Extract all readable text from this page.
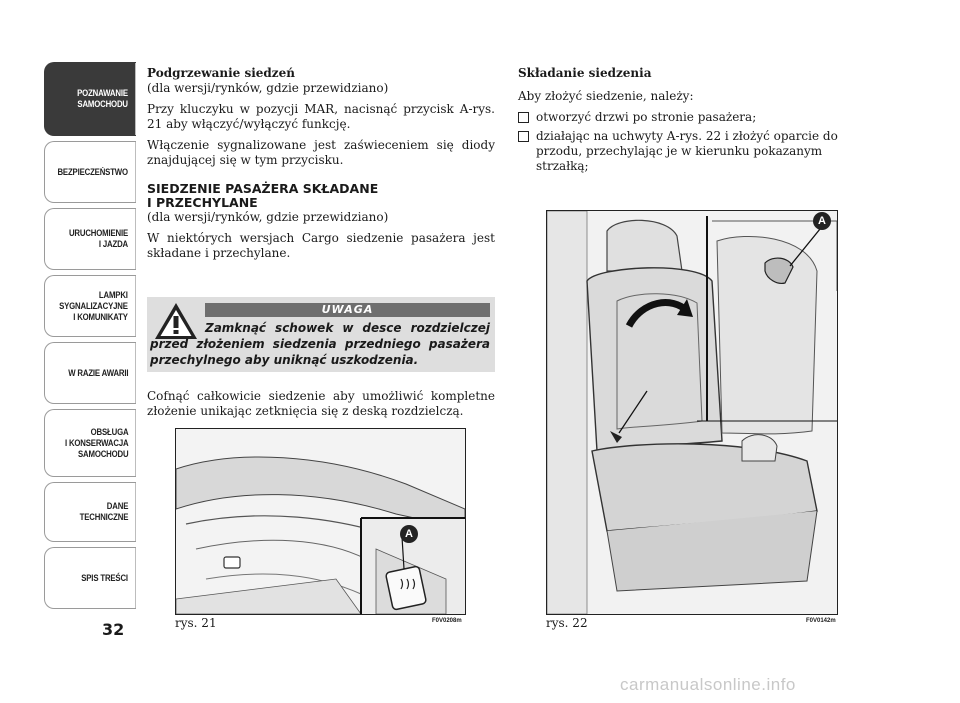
POZNAWANIE
SAMOCHODU
BEZPIECZEŃSTWO
URUCHOMIENIE
I JAZDA
LAMPKI
SYGNALIZACYJNE
I KOMUNIKATY
W RAZIE AWARII
OBSŁUGA
I KONSERWACJA
SAMOCHODU
DANE
TECHNICZNE
SPIS TREŚCI
32
Podgrzewanie siedzeń

(dla wersji/rynków, gdzie przewidziano)

Przy kluczyku w pozycji MAR, nacisnąć przycisk A-rys. 21 aby włączyć/wyłączyć funkcję.

Włączenie sygnalizowane jest zaświeceniem się diody znajdującej się w tym przycisku.

SIEDZENIE PASAŻERA SKŁADANE
I PRZECHYLANE

(dla wersji/rynków, gdzie przewidziano)

W niektórych wersjach Cargo siedzenie pasażera jest składane i przechylane.

UWAGA
Zamknąć schowek w desce rozdzielczej przed złożeniem siedzenia przedniego pasażera przechylnego aby uniknąć uszkodzenia.

Cofnąć całkowicie siedzenie aby umożliwić kompletne złożenie unikając zetknięcia się z deską rozdzielczą.

A
rys. 21	F0V0208m
Składanie siedzenia

Aby złożyć siedzenie, należy:

otworzyć drzwi po stronie pasażera;
działając na uchwyty A-rys. 22 i złożyć oparcie do przodu, przechylając je w kierunku pokazanym strzałką;
A
rys. 22	F0V0142m
carmanualsonline.info
